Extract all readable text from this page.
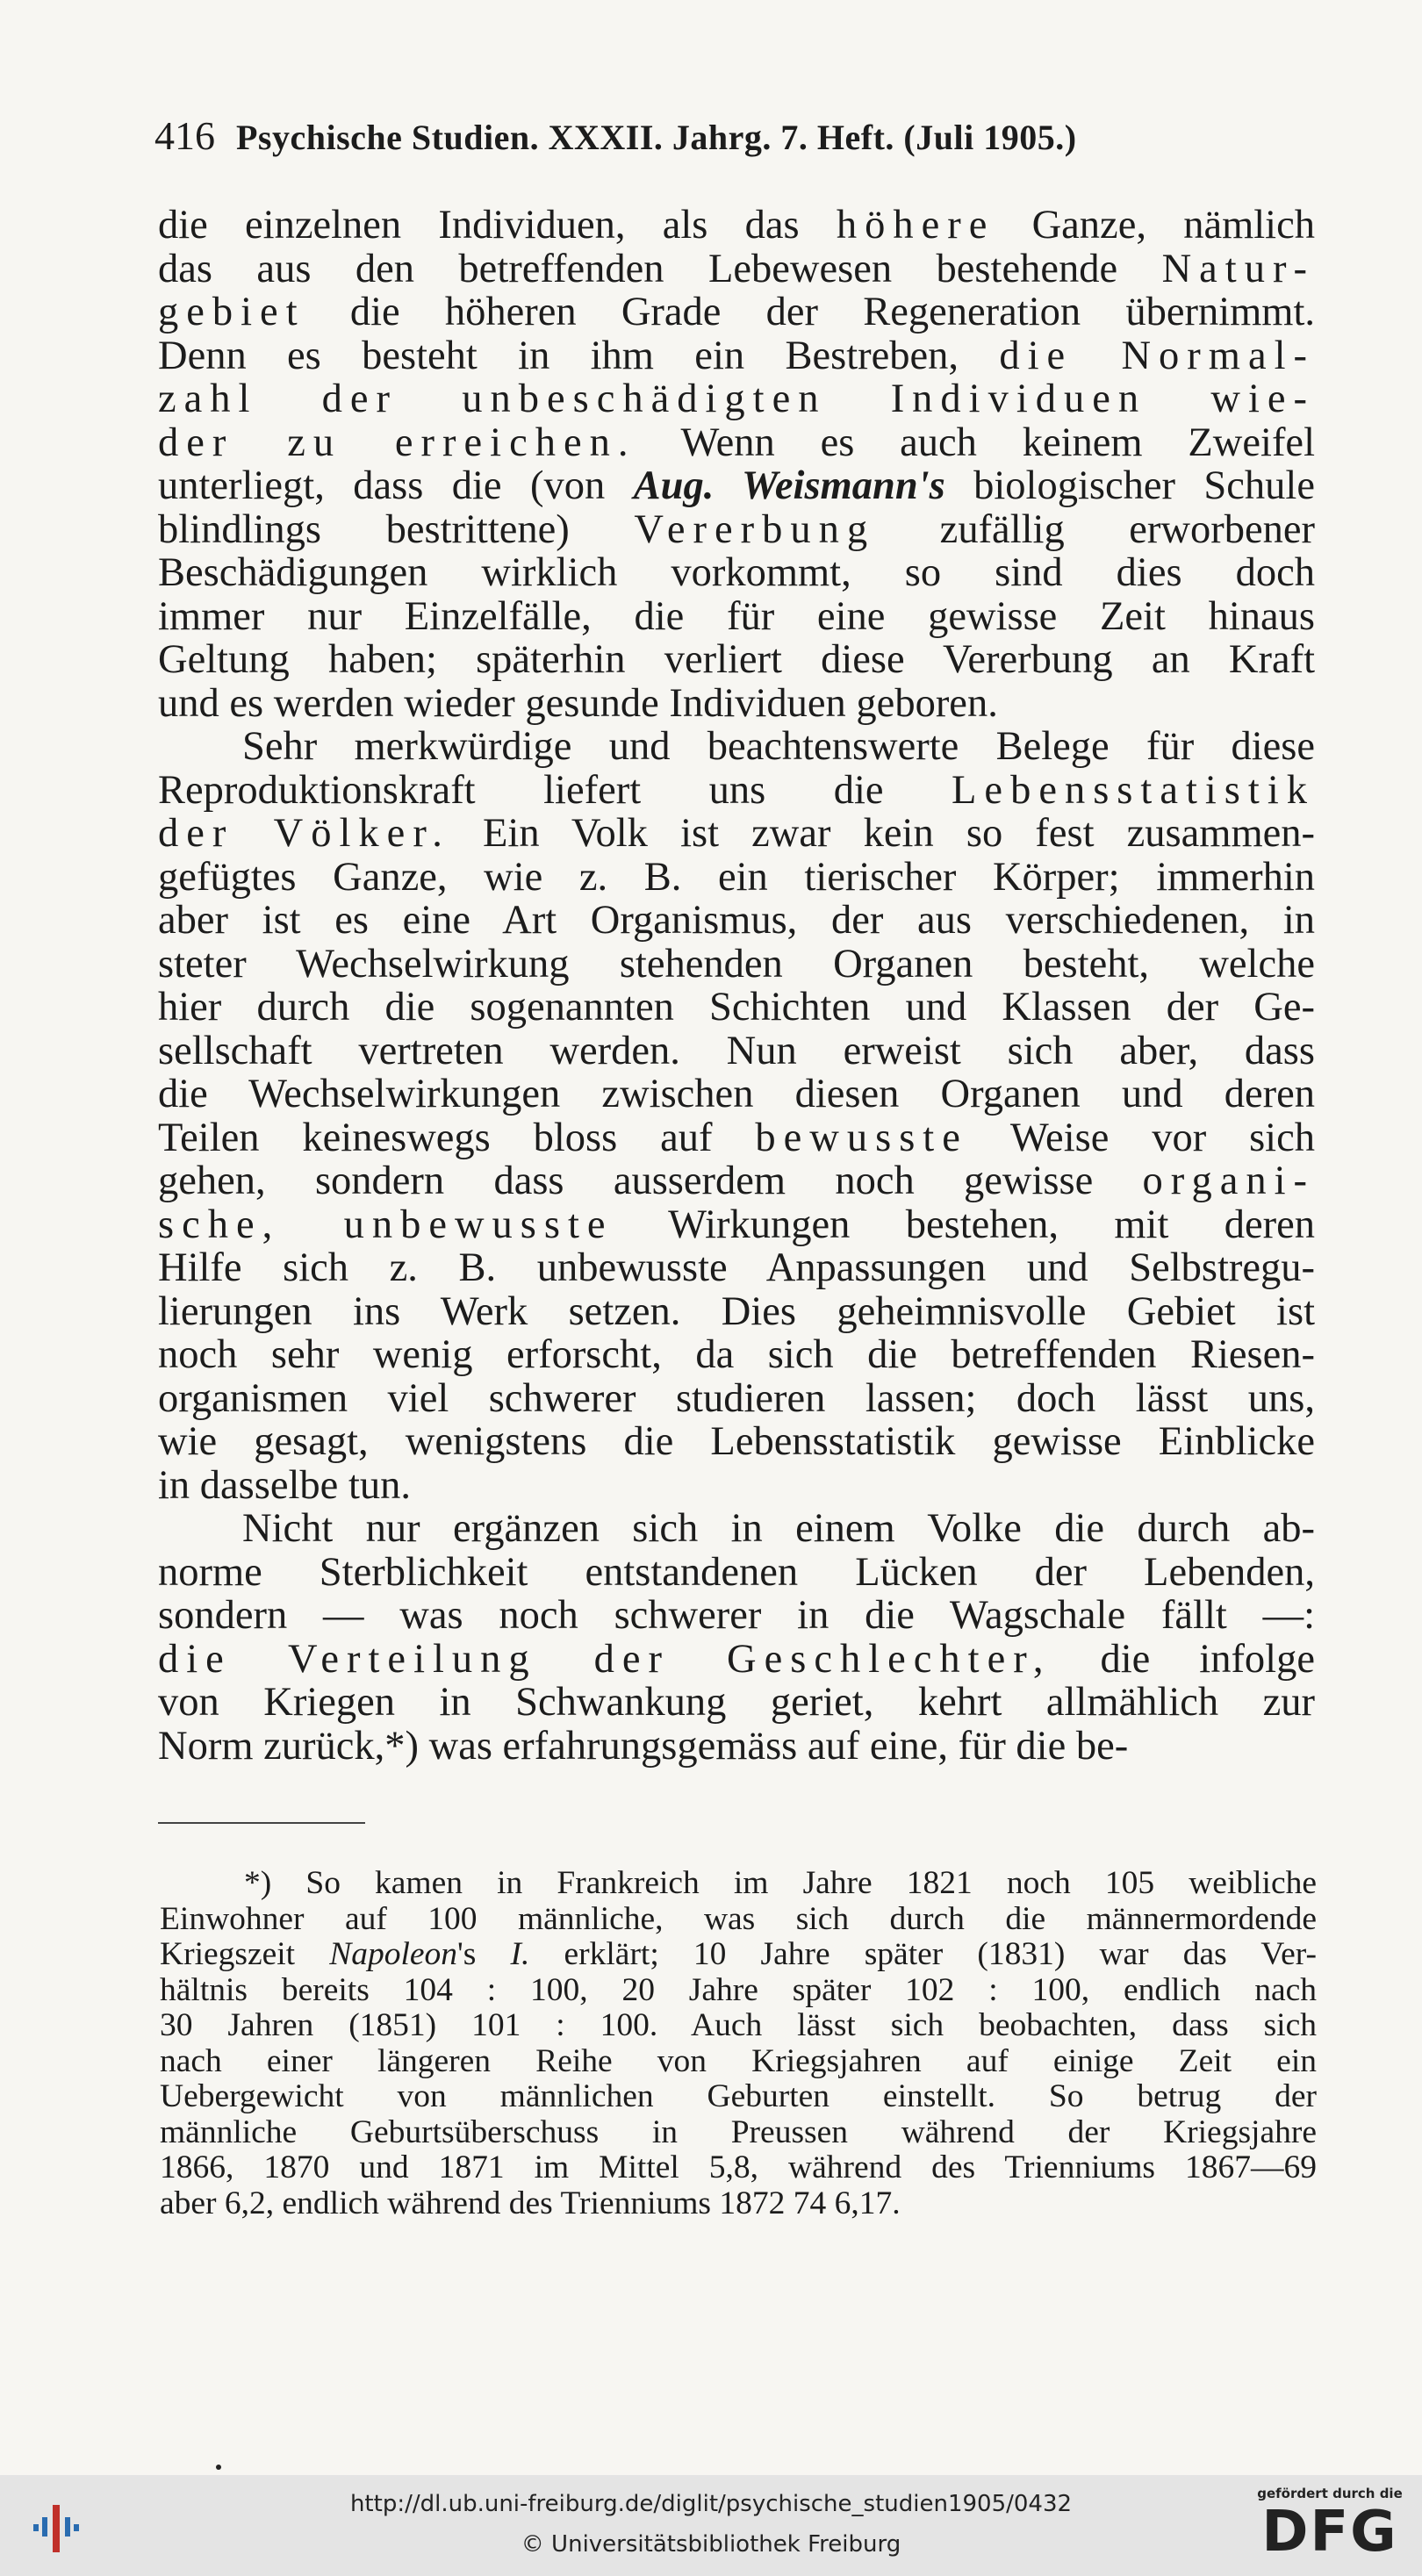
416 Psychische Studien. XXXII. Jahrg. 7. Heft. (Juli 1905.)
die einzelnen Individuen, als das höhere Ganze, nämlich
das aus den betreffenden Lebewesen bestehende Natur-
gebiet die höheren Grade der Regeneration übernimmt.
Denn es besteht in ihm ein Bestreben, die Normal-
zahl der unbeschädigten Individuen wie-
der zu erreichen. Wenn es auch keinem Zweifel
unterliegt, dass die (von Aug. Weismann's biologischer Schule
blindlings bestrittene) Vererbung zufällig erworbener
Beschädigungen wirklich vorkommt, so sind dies doch
immer nur Einzelfälle, die für eine gewisse Zeit hinaus
Geltung haben; späterhin verliert diese Vererbung an Kraft
und es werden wieder gesunde Individuen geboren.
Sehr merkwürdige und beachtenswerte Belege für diese
Reproduktionskraft liefert uns die Lebensstatistik
der Völker. Ein Volk ist zwar kein so fest zusammen-
gefügtes Ganze, wie z. B. ein tierischer Körper; immerhin
aber ist es eine Art Organismus, der aus verschiedenen, in
steter Wechselwirkung stehenden Organen besteht, welche
hier durch die sogenannten Schichten und Klassen der Ge-
sellschaft vertreten werden. Nun erweist sich aber, dass
die Wechselwirkungen zwischen diesen Organen und deren
Teilen keineswegs bloss auf bewusste Weise vor sich
gehen, sondern dass ausserdem noch gewisse organi-
sche, unbewusste Wirkungen bestehen, mit deren
Hilfe sich z. B. unbewusste Anpassungen und Selbstregu-
lierungen ins Werk setzen. Dies geheimnisvolle Gebiet ist
noch sehr wenig erforscht, da sich die betreffenden Riesen-
organismen viel schwerer studieren lassen; doch lässt uns,
wie gesagt, wenigstens die Lebensstatistik gewisse Einblicke
in dasselbe tun.
Nicht nur ergänzen sich in einem Volke die durch ab-
norme Sterblichkeit entstandenen Lücken der Lebenden,
sondern — was noch schwerer in die Wagschale fällt —:
die Verteilung der Geschlechter, die infolge
von Kriegen in Schwankung geriet, kehrt allmählich zur
Norm zurück,*) was erfahrungsgemäss auf eine, für die be-
*) So kamen in Frankreich im Jahre 1821 noch 105 weibliche
Einwohner auf 100 männliche, was sich durch die männermordende
Kriegszeit Napoleon's I. erklärt; 10 Jahre später (1831) war das Ver-
hältnis bereits 104 : 100, 20 Jahre später 102 : 100, endlich nach
30 Jahren (1851) 101 : 100. Auch lässt sich beobachten, dass sich
nach einer längeren Reihe von Kriegsjahren auf einige Zeit ein
Uebergewicht von männlichen Geburten einstellt. So betrug der
männliche Geburtsüberschuss in Preussen während der Kriegsjahre
1866, 1870 und 1871 im Mittel 5,8, während des Trienniums 1867—69
aber 6,2, endlich während des Trienniums 1872 74 6,17.
http://dl.ub.uni-freiburg.de/diglit/psychische_studien1905/0432
© Universitätsbibliothek Freiburg
gefördert durch die
DFG
